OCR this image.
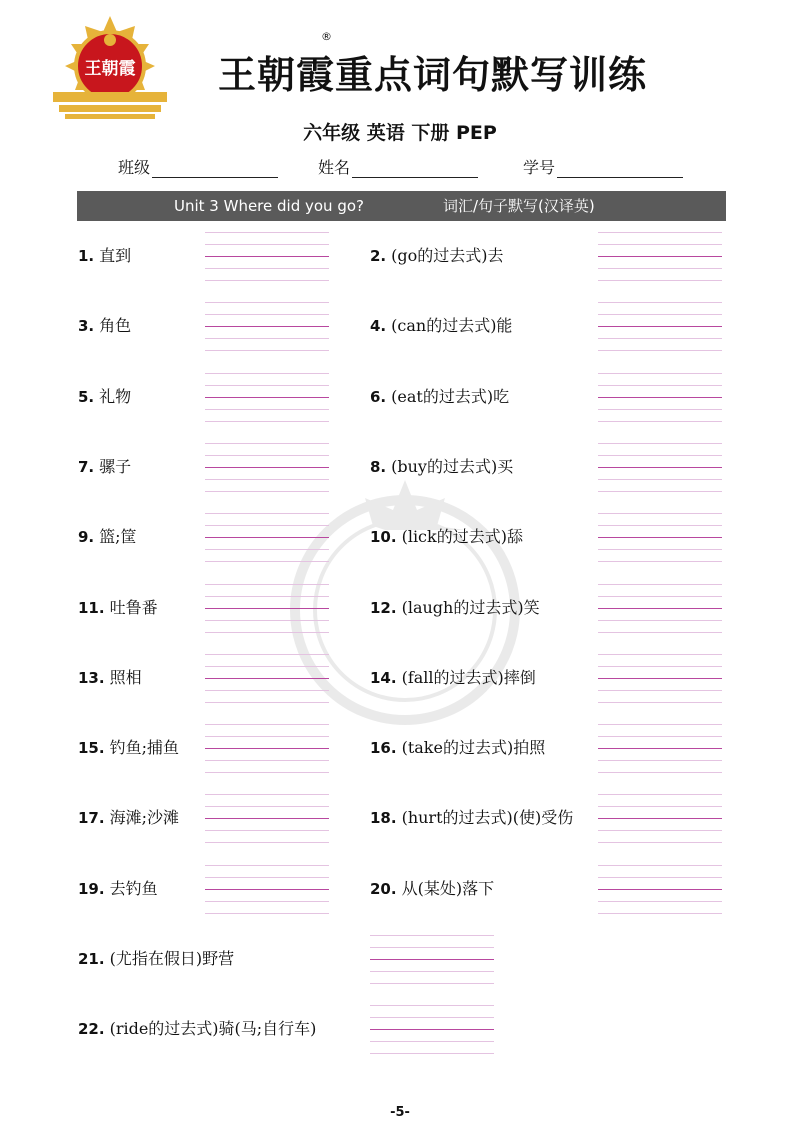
王朝霞 王朝霞重点词句默写训练
®
六年级 英语 下册 PEP
班级	姓名	学号
Unit 3 Where did you go?	词汇/句子默写(汉译英)
1. 直到	2. (go的过去式)去
3. 角色	4. (can的过去式)能
5. 礼物	6. (eat的过去式)吃
7. 骡子	8. (buy的过去式)买
9. 篮;筐	10. (lick的过去式)舔
11. 吐鲁番	12. (laugh的过去式)笑
13. 照相	14. (fall的过去式)摔倒
15. 钓鱼;捕鱼	16. (take的过去式)拍照
17. 海滩;沙滩	18. (hurt的过去式)(使)受伤
19. 去钓鱼	20. 从(某处)落下
21. (尤指在假日)野营
22. (ride的过去式)骑(马;自行车)
-5-
